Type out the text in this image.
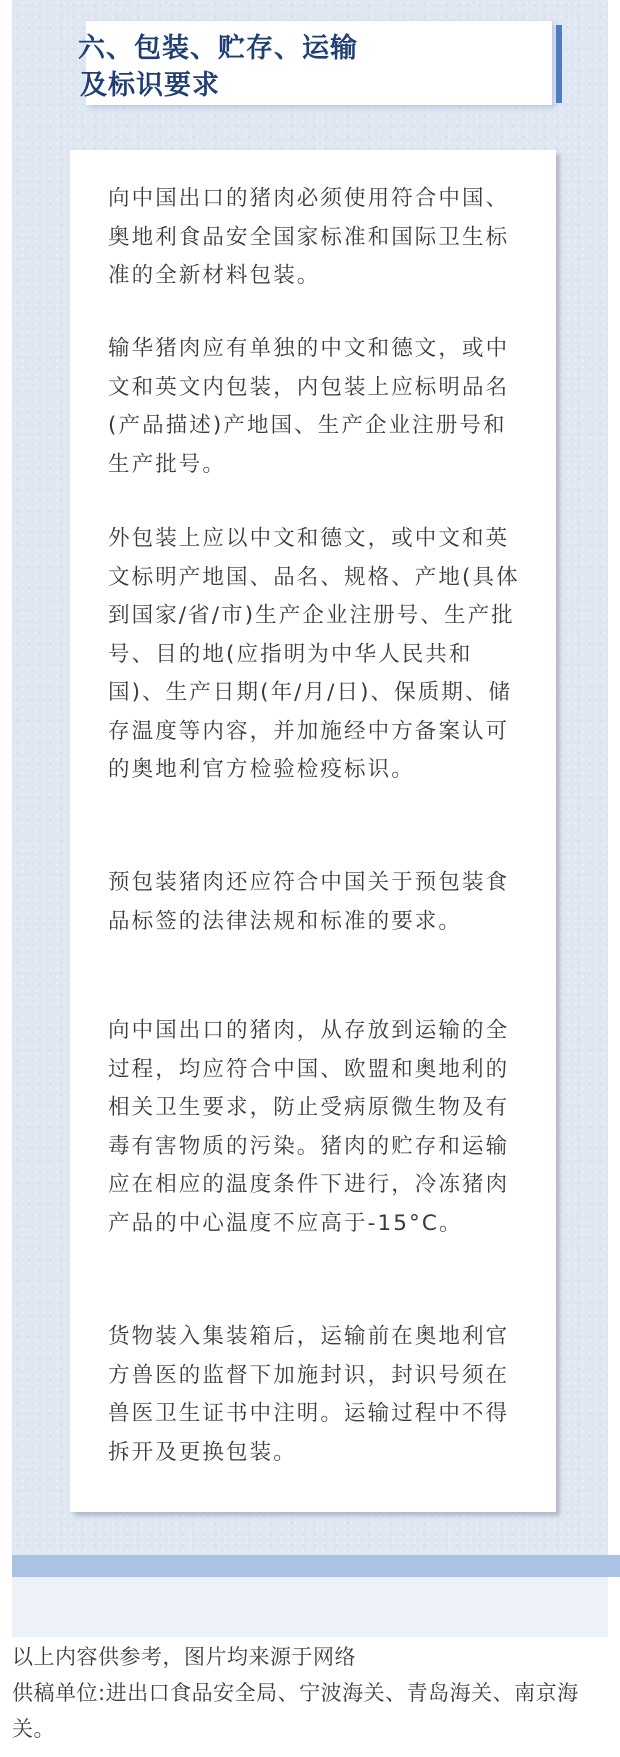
六、包装、贮存、运输
及标识要求
向中国出口的猪肉必须使用符合中国、奥地利食品安全国家标准和国际卫生标准的全新材料包装。
输华猪肉应有单独的中文和德文，或中文和英文内包装，内包装上应标明品名(产品描述)产地国、生产企业注册号和生产批号。
外包装上应以中文和德文，或中文和英文标明产地国、品名、规格、产地(具体到国家/省/市)生产企业注册号、生产批号、目的地(应指明为中华人民共和国)、生产日期(年/月/日)、保质期、储存温度等内容，并加施经中方备案认可的奥地利官方检验检疫标识。
预包装猪肉还应符合中国关于预包装食品标签的法律法规和标准的要求。
向中国出口的猪肉，从存放到运输的全过程，均应符合中国、欧盟和奥地利的相关卫生要求，防止受病原微生物及有毒有害物质的污染。猪肉的贮存和运输应在相应的温度条件下进行，冷冻猪肉产品的中心温度不应高于-15°C。
货物装入集装箱后，运输前在奥地利官方兽医的监督下加施封识，封识号须在兽医卫生证书中注明。运输过程中不得拆开及更换包装。
以上内容供参考，图片均来源于网络
供稿单位:进出口食品安全局、宁波海关、青岛海关、南京海关。
